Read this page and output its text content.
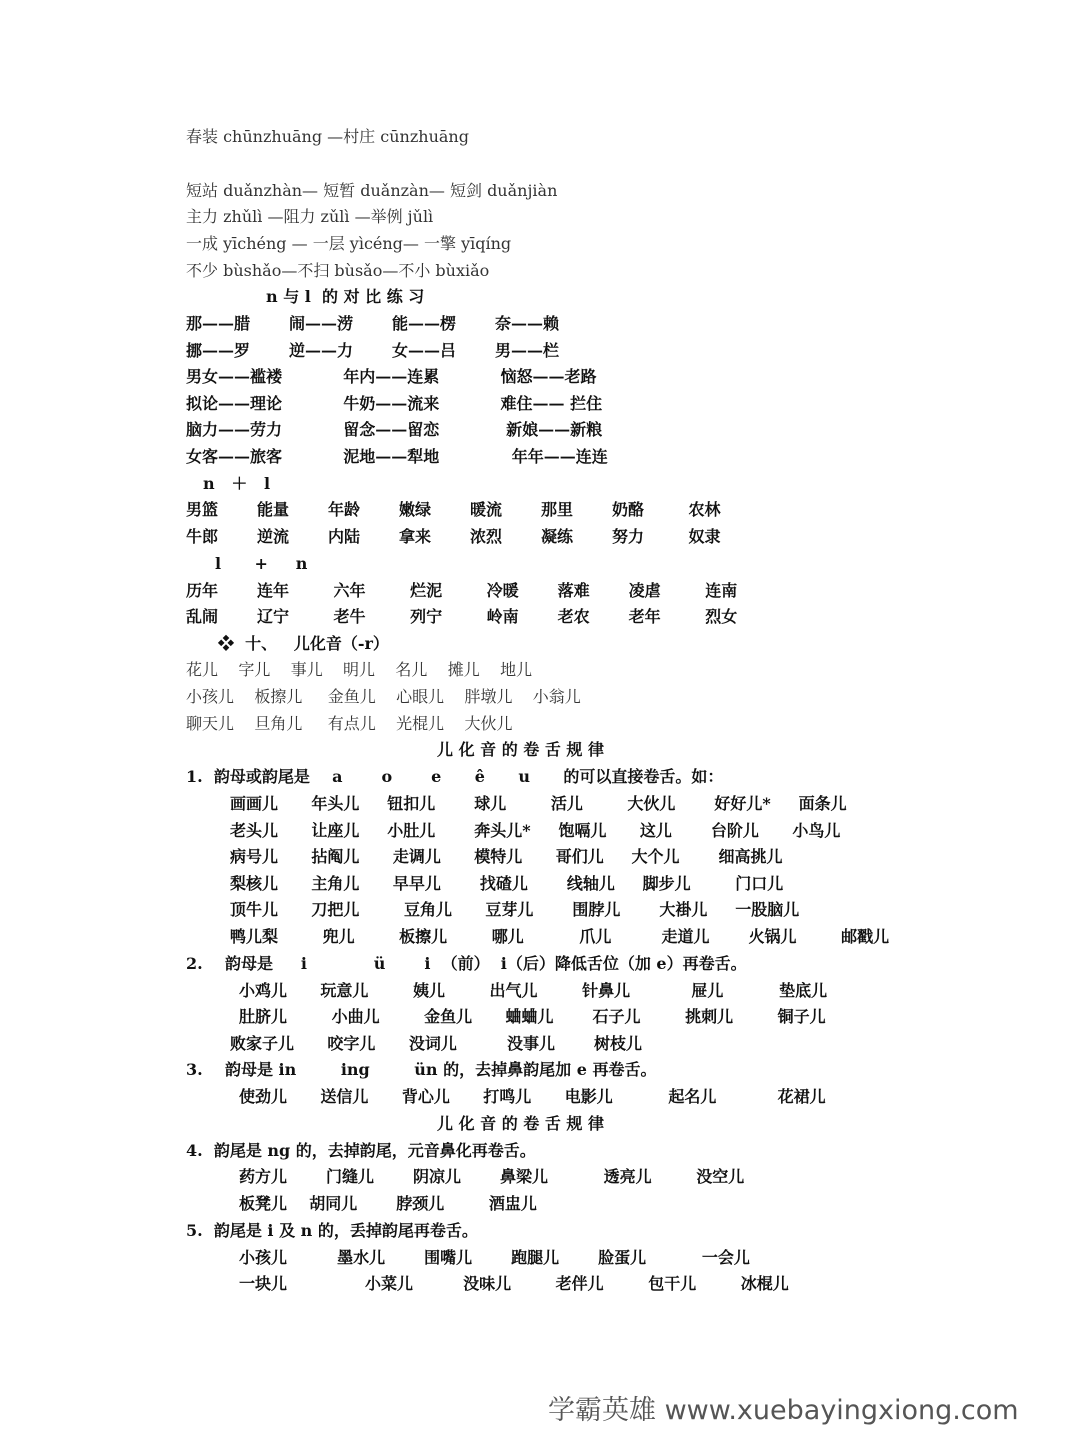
春装 chūnzhuāng —村庄 cūnzhuāng
短站 duǎnzhàn— 短暂 duǎnzàn— 短剑 duǎnjiàn
主力 zhǔlì —阻力 zǔlì —举例 jǔlì
一成 yīchéng — 一层 yìcéng— 一擎 yīqíng
不少 bùshǎo—不扫 bùsǎo—不小 bùxiǎo
n 与 l  的 对 比 练 习
那——腊       闹——涝       能——楞       奈——赖
挪——罗       逆——力       女——吕       男——栏
男女——褴褛           年内——连累           恼怒——老路
拟论——理论           牛奶——流来           难住—— 拦住
脑力——劳力           留念——留恋            新娘——新粮
女客——旅客           泥地——犁地             年年——连连
n   ＋   l
男篮       能量       年龄       嫩绿       暖流       那里       奶酪        农林
牛郎       逆流       内陆       拿来       浓烈       凝练       努力        奴隶
l      +     n
历年       连年        六年        烂泥        冷暖       落难       凌虐        连南
乱闹       辽宁        老牛        列宁        岭南       老农       老年        烈女
❖  十、   儿化音（-r）
花儿    字儿    事儿    明儿    名儿    摊儿    地儿
小孩儿    板擦儿     金鱼儿    心眼儿    胖墩儿    小翁儿
聊天儿    旦角儿     有点儿    光棍儿    大伙儿
儿 化 音 的 卷 舌 规 律
1.  韵母或韵尾是    a       o       e      ê      u      的可以直接卷舌。如：
画画儿      年头儿     钮扣儿       球儿        活儿        大伙儿       好好儿*     面条儿
老头儿      让座儿     小肚儿       奔头儿*     饱嗝儿      这儿       台阶儿      小鸟儿
病号儿      拈阄儿      走调儿      模特儿      哥们儿     大个儿       细高挑儿
梨核儿      主角儿      早早儿       找碴儿       线轴儿     脚步儿        门口儿
顶牛儿      刀把儿        豆角儿      豆芽儿       围脖儿       大褂儿     一股脑儿
鸭儿梨        兜儿        板擦儿        哪儿          爪儿         走道儿       火锅儿        邮戳儿
2.    韵母是     i            ü       i  （前）  i（后）降低舌位（加 e）再卷舌。
小鸡儿      玩意儿        姨儿        出气儿        针鼻儿           屉儿          垫底儿
肚脐儿        小曲儿        金鱼儿      蛐蛐儿       石子儿        挑刺儿        铜子儿
败家子儿      咬字儿      没词儿         没事儿       树枝儿
3.    韵母是 in        ing        ün 的，去掉鼻韵尾加 e 再卷舌。
使劲儿      送信儿      背心儿      打鸣儿      电影儿          起名儿           花裙儿
儿 化 音 的 卷 舌 规 律
4.  韵尾是 ng 的，去掉韵尾，元音鼻化再卷舌。
药方儿       门缝儿       阴凉儿       鼻梁儿          透亮儿        没空儿
板凳儿    胡同儿       脖颈儿        酒盅儿
5.  韵尾是 i 及 n 的，丢掉韵尾再卷舌。
小孩儿         墨水儿       围嘴儿       跑腿儿       脸蛋儿          一会儿
一块儿              小菜儿         没味儿        老伴儿        包干儿        冰棍儿
学霸英雄 www.xuebayingxiong.com
